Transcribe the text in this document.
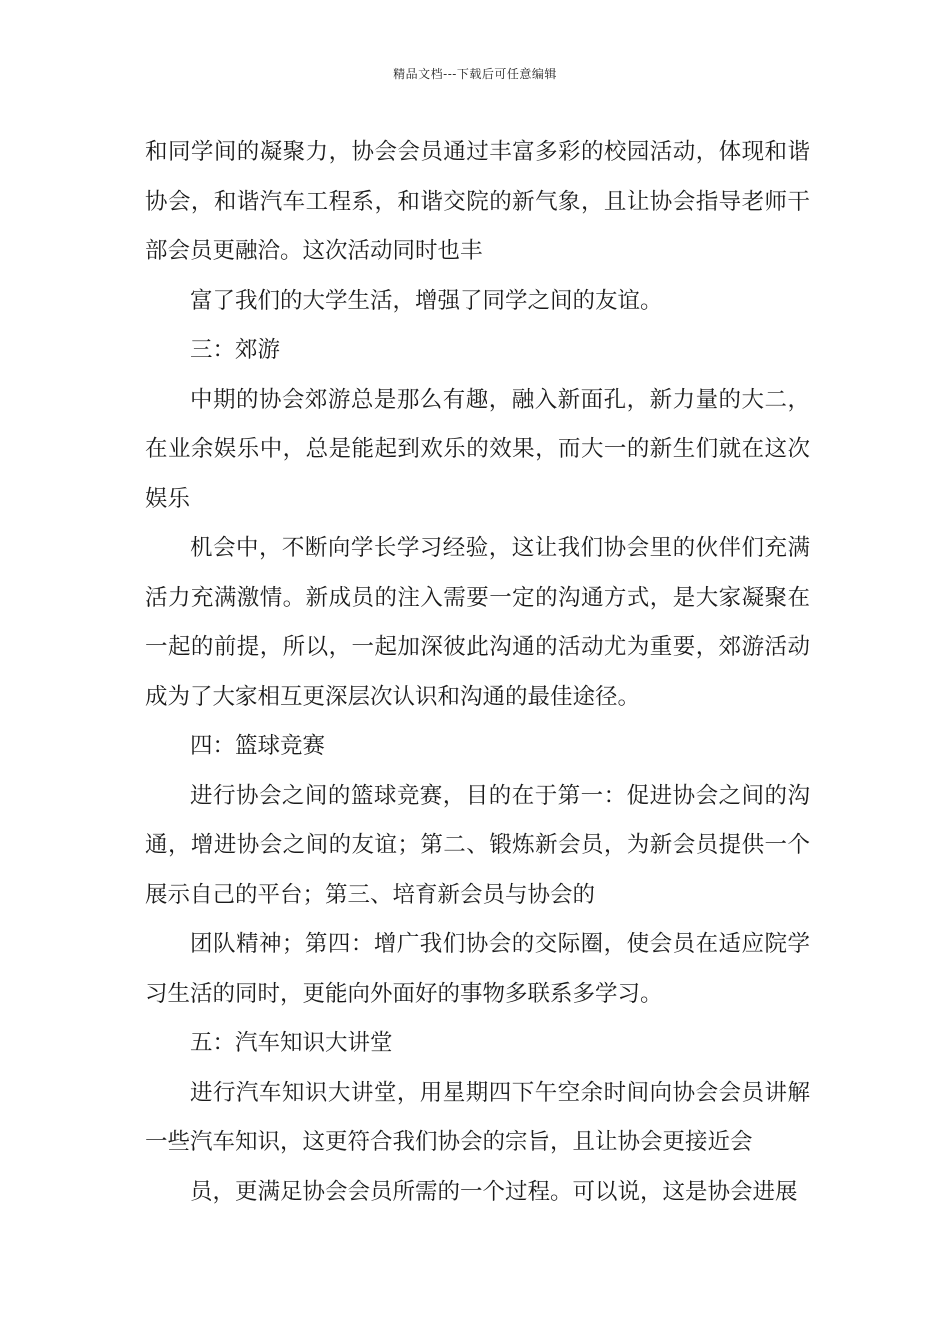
精品文档---下载后可任意编辑

和同学间的凝聚力，协会会员通过丰富多彩的校园活动，体现和谐协会，和谐汽车工程系，和谐交院的新气象，且让协会指导老师干部会员更融洽。这次活动同时也丰

富了我们的大学生活，增强了同学之间的友谊。

三：郊游

中期的协会郊游总是那么有趣，融入新面孔，新力量的大二，在业余娱乐中，总是能起到欢乐的效果，而大一的新生们就在这次娱乐

机会中，不断向学长学习经验，这让我们协会里的伙伴们充满活力充满激情。新成员的注入需要一定的沟通方式，是大家凝聚在一起的前提，所以，一起加深彼此沟通的活动尤为重要，郊游活动成为了大家相互更深层次认识和沟通的最佳途径。

四：篮球竞赛

进行协会之间的篮球竞赛，目的在于第一：促进协会之间的沟通，增进协会之间的友谊；第二、锻炼新会员，为新会员提供一个展示自己的平台；第三、培育新会员与协会的

团队精神；第四：增广我们协会的交际圈，使会员在适应院学习生活的同时，更能向外面好的事物多联系多学习。

五：汽车知识大讲堂

进行汽车知识大讲堂，用星期四下午空余时间向协会会员讲解一些汽车知识，这更符合我们协会的宗旨，且让协会更接近会

员，更满足协会会员所需的一个过程。可以说，这是协会进展
